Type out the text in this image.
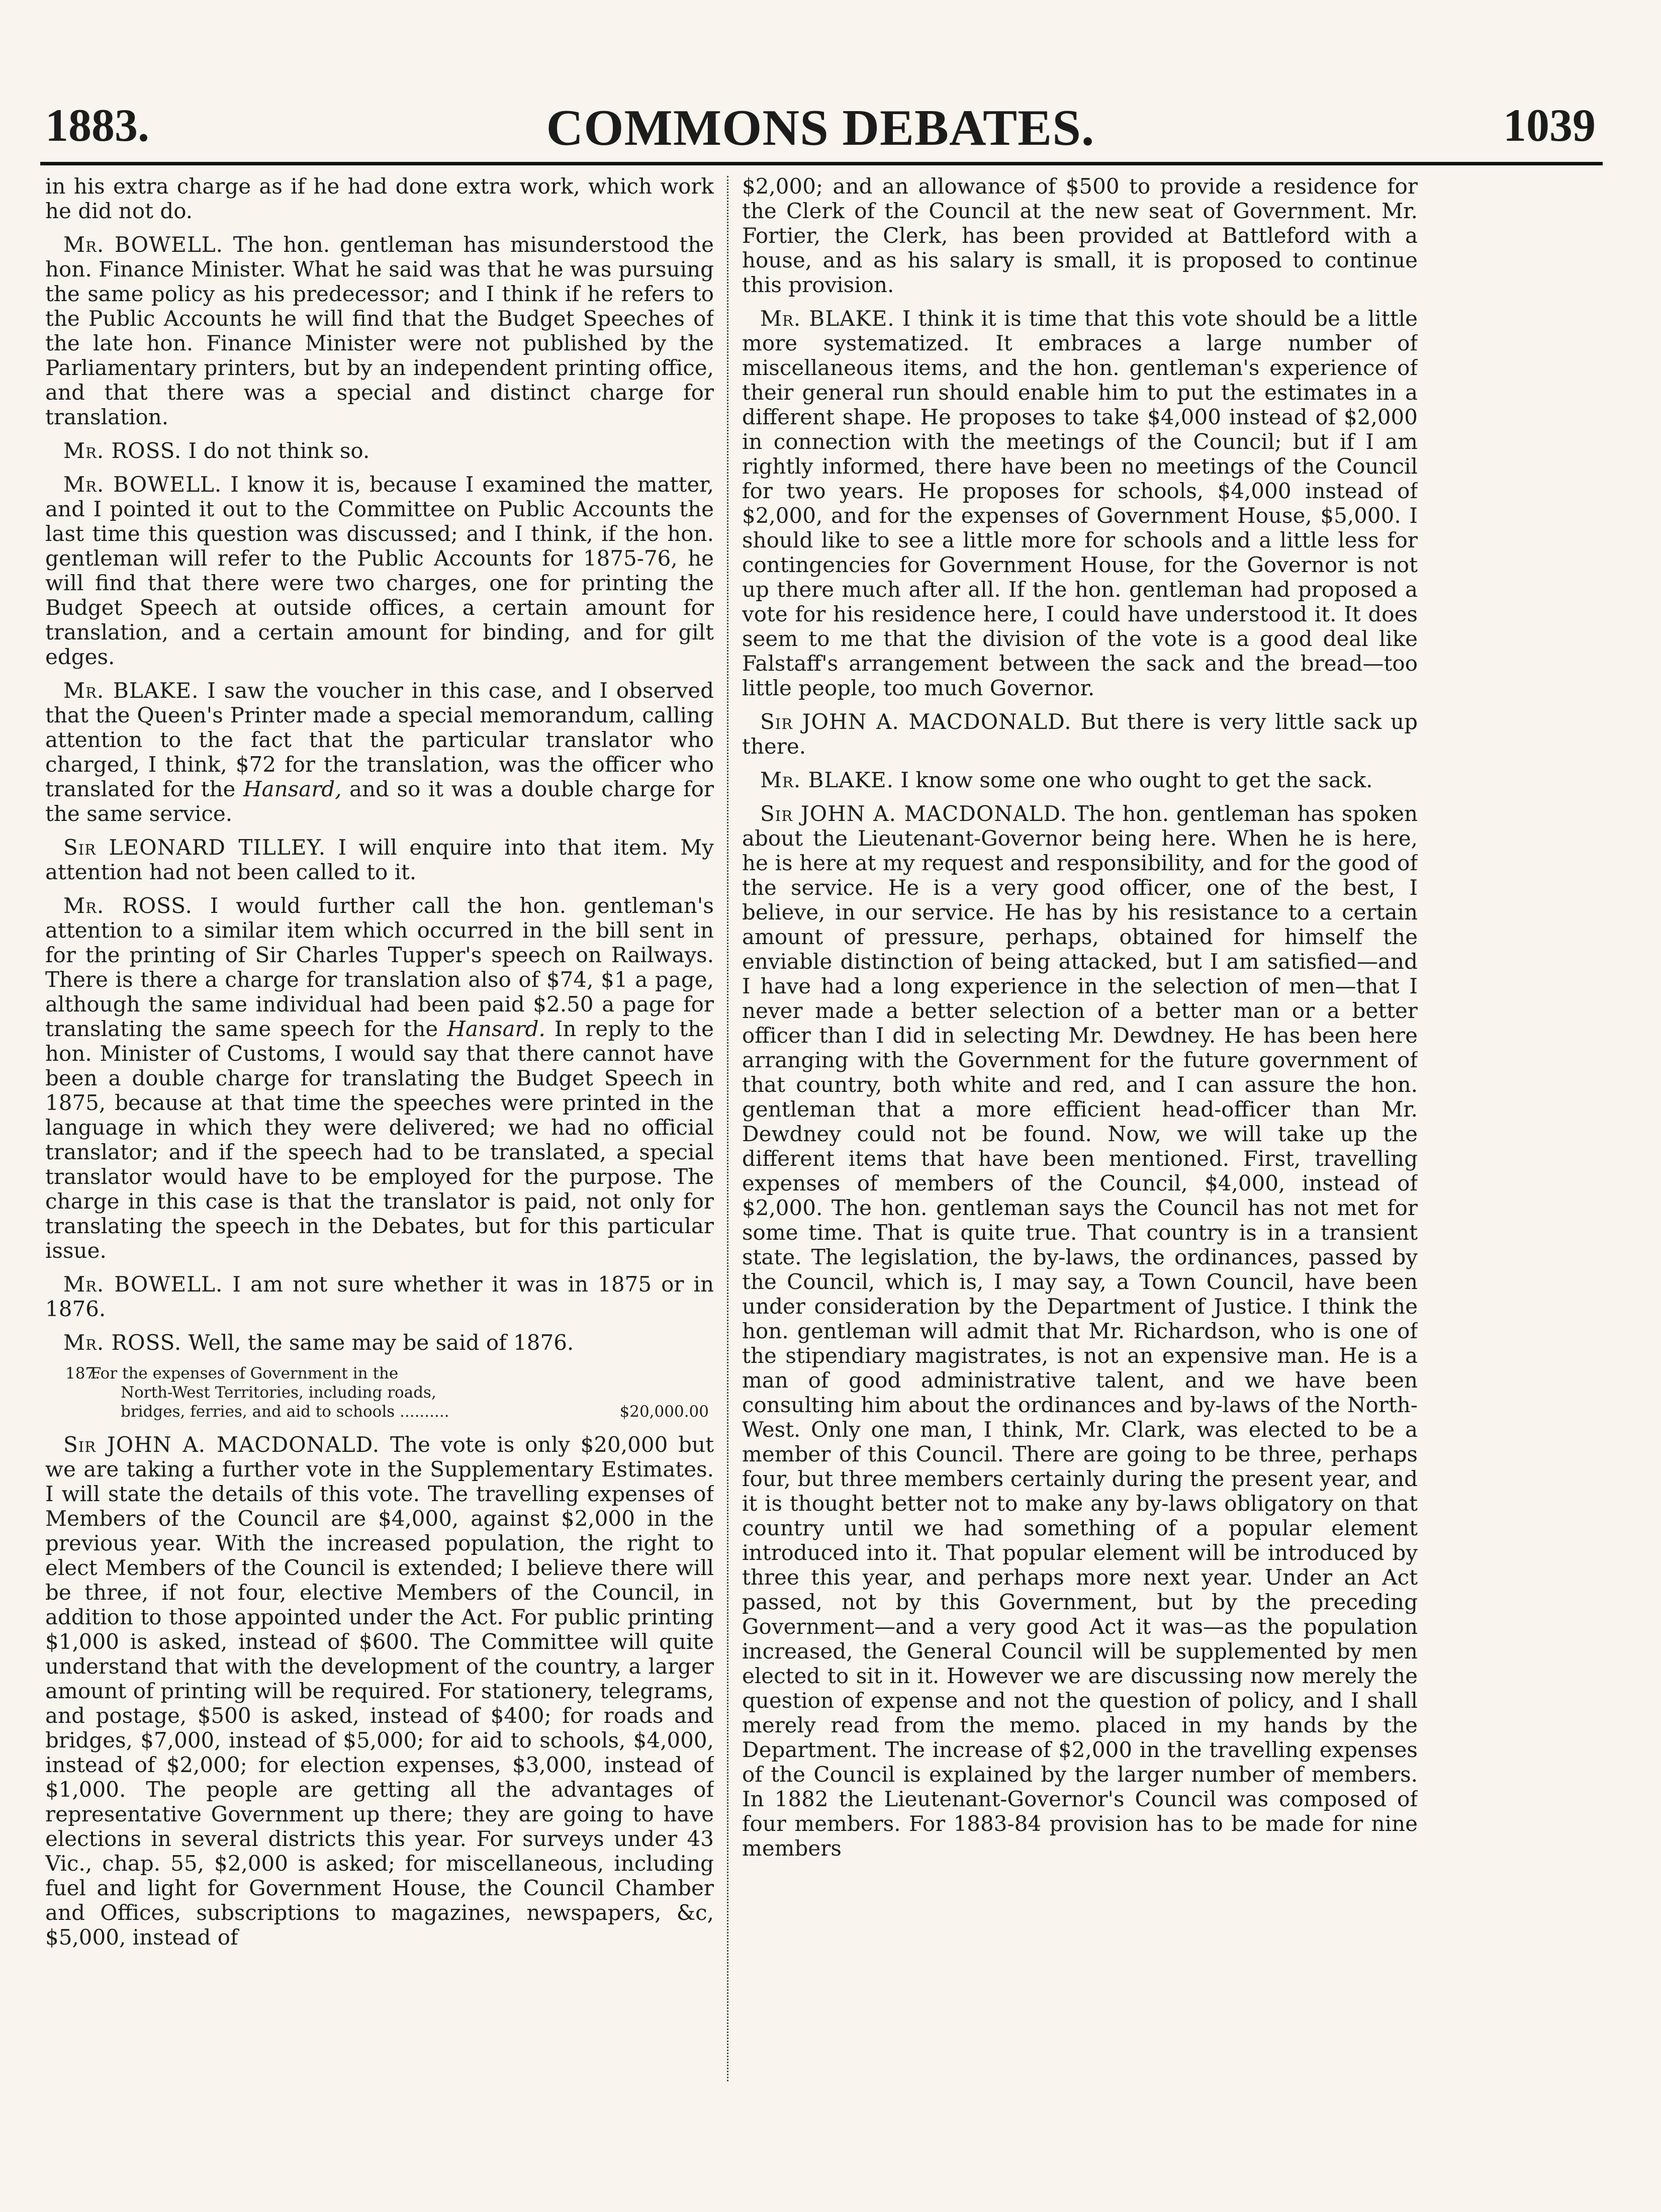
1883.	COMMONS DEBATES.	1039

in his extra charge as if he had done extra work, which work he did not do.

Mr. BOWELL. The hon. gentleman has misunderstood the hon. Finance Minister. What he said was that he was pursuing the same policy as his predecessor; and I think if he refers to the Public Accounts he will find that the Budget Speeches of the late hon. Finance Minister were not published by the Parliamentary printers, but by an independent printing office, and that there was a special and distinct charge for translation.

Mr. ROSS. I do not think so.

Mr. BOWELL. I know it is, because I examined the matter, and I pointed it out to the Committee on Public Accounts the last time this question was discussed; and I think, if the hon. gentleman will refer to the Public Accounts for 1875-76, he will find that there were two charges, one for printing the Budget Speech at outside offices, a certain amount for translation, and a certain amount for binding, and for gilt edges.

Mr. BLAKE. I saw the voucher in this case, and I observed that the Queen's Printer made a special memorandum, calling attention to the fact that the particular translator who charged, I think, $72 for the translation, was the officer who translated for the Hansard, and so it was a double charge for the same service.

Sir LEONARD TILLEY. I will enquire into that item. My attention had not been called to it.

Mr. ROSS. I would further call the hon. gentleman's attention to a similar item which occurred in the bill sent in for the printing of Sir Charles Tupper's speech on Railways. There is there a charge for translation also of $74, $1 a page, although the same individual had been paid $2.50 a page for translating the same speech for the Hansard. In reply to the hon. Minister of Customs, I would say that there cannot have been a double charge for translating the Budget Speech in 1875, because at that time the speeches were printed in the language in which they were delivered; we had no official translator; and if the speech had to be translated, a special translator would have to be employed for the purpose. The charge in this case is that the translator is paid, not only for translating the speech in the Debates, but for this particular issue.

Mr. BOWELL. I am not sure whether it was in 1875 or in 1876.

Mr. ROSS. Well, the same may be said of 1876.

187. For the expenses of Government in the
North-West Territories, including roads,
bridges, ferries, and aid to schools ..........	$20,000.00

Sir JOHN A. MACDONALD. The vote is only $20,000 but we are taking a further vote in the Supplementary Estimates. I will state the details of this vote. The travelling expenses of Members of the Council are $4,000, against $2,000 in the previous year. With the increased population, the right to elect Members of the Council is extended; I believe there will be three, if not four, elective Members of the Council, in addition to those appointed under the Act. For public printing $1,000 is asked, instead of $600. The Committee will quite understand that with the development of the country, a larger amount of printing will be required. For stationery, telegrams, and postage, $500 is asked, instead of $400; for roads and bridges, $7,000, instead of $5,000; for aid to schools, $4,000, instead of $2,000; for election expenses, $3,000, instead of $1,000. The people are getting all the advantages of representative Government up there; they are going to have elections in several districts this year. For surveys under 43 Vic., chap. 55, $2,000 is asked; for miscellaneous, including fuel and light for Government House, the Council Chamber and Offices, subscriptions to magazines, newspapers, &c, $5,000, instead of

$2,000; and an allowance of $500 to provide a residence for the Clerk of the Council at the new seat of Government. Mr. Fortier, the Clerk, has been provided at Battleford with a house, and as his salary is small, it is proposed to continue this provision.

Mr. BLAKE. I think it is time that this vote should be a little more systematized. It embraces a large number of miscellaneous items, and the hon. gentleman's experience of their general run should enable him to put the estimates in a different shape. He proposes to take $4,000 instead of $2,000 in connection with the meetings of the Council; but if I am rightly informed, there have been no meetings of the Council for two years. He proposes for schools, $4,000 instead of $2,000, and for the expenses of Government House, $5,000. I should like to see a little more for schools and a little less for contingencies for Government House, for the Governor is not up there much after all. If the hon. gentleman had proposed a vote for his residence here, I could have understood it. It does seem to me that the division of the vote is a good deal like Falstaff's arrangement between the sack and the bread—too little people, too much Governor.

Sir JOHN A. MACDONALD. But there is very little sack up there.

Mr. BLAKE. I know some one who ought to get the sack.

Sir JOHN A. MACDONALD. The hon. gentleman has spoken about the Lieutenant-Governor being here. When he is here, he is here at my request and responsibility, and for the good of the service. He is a very good officer, one of the best, I believe, in our service. He has by his resistance to a certain amount of pressure, perhaps, obtained for himself the enviable distinction of being attacked, but I am satisfied—and I have had a long experience in the selection of men—that I never made a better selection of a better man or a better officer than I did in selecting Mr. Dewdney. He has been here arranging with the Government for the future government of that country, both white and red, and I can assure the hon. gentleman that a more efficient head-officer than Mr. Dewdney could not be found. Now, we will take up the different items that have been mentioned. First, travelling expenses of members of the Council, $4,000, instead of $2,000. The hon. gentleman says the Council has not met for some time. That is quite true. That country is in a transient state. The legislation, the by-laws, the ordinances, passed by the Council, which is, I may say, a Town Council, have been under consideration by the Department of Justice. I think the hon. gentleman will admit that Mr. Richardson, who is one of the stipendiary magistrates, is not an expensive man. He is a man of good administrative talent, and we have been consulting him about the ordinances and by-laws of the North-West. Only one man, I think, Mr. Clark, was elected to be a member of this Council. There are going to be three, perhaps four, but three members certainly during the present year, and it is thought better not to make any by-laws obligatory on that country until we had something of a popular element introduced into it. That popular element will be introduced by three this year, and perhaps more next year. Under an Act passed, not by this Government, but by the preceding Government—and a very good Act it was—as the population increased, the General Council will be supplemented by men elected to sit in it. However we are discussing now merely the question of expense and not the question of policy, and I shall merely read from the memo. placed in my hands by the Department. The increase of $2,000 in the travelling expenses of the Council is explained by the larger number of members. In 1882 the Lieutenant-Governor's Council was composed of four members. For 1883-84 provision has to be made for nine members
